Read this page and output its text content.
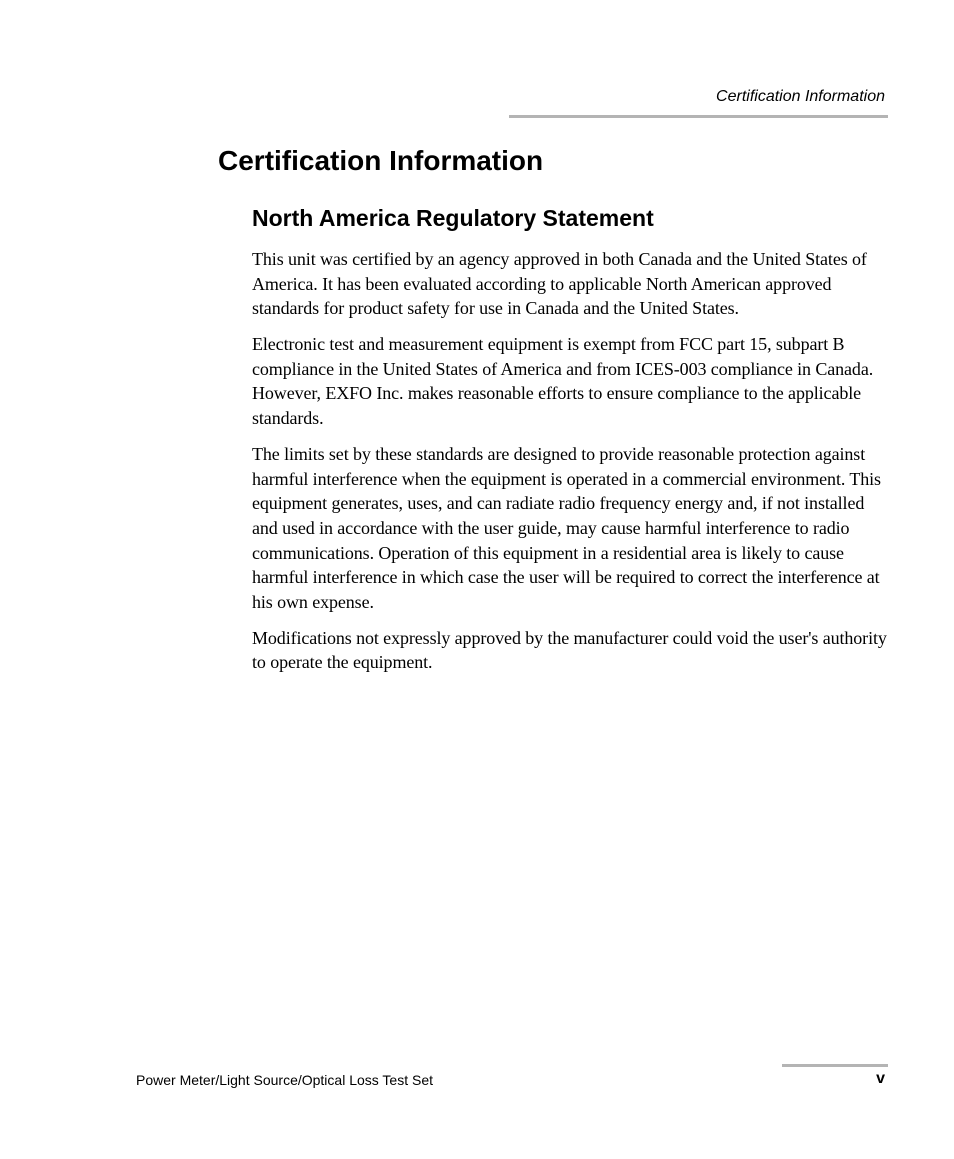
Certification Information
Certification Information
North America Regulatory Statement

This unit was certified by an agency approved in both Canada and the United States of America. It has been evaluated according to applicable North American approved standards for product safety for use in Canada and the United States.

Electronic test and measurement equipment is exempt from FCC part 15, subpart B compliance in the United States of America and from ICES-003 compliance in Canada. However, EXFO Inc. makes reasonable efforts to ensure compliance to the applicable standards.

The limits set by these standards are designed to provide reasonable protection against harmful interference when the equipment is operated in a commercial environment. This equipment generates, uses, and can radiate radio frequency energy and, if not installed and used in accordance with the user guide, may cause harmful interference to radio communications. Operation of this equipment in a residential area is likely to cause harmful interference in which case the user will be required to correct the interference at his own expense.

Modifications not expressly approved by the manufacturer could void the user's authority to operate the equipment.

Power Meter/Light Source/Optical Loss Test Set	v
